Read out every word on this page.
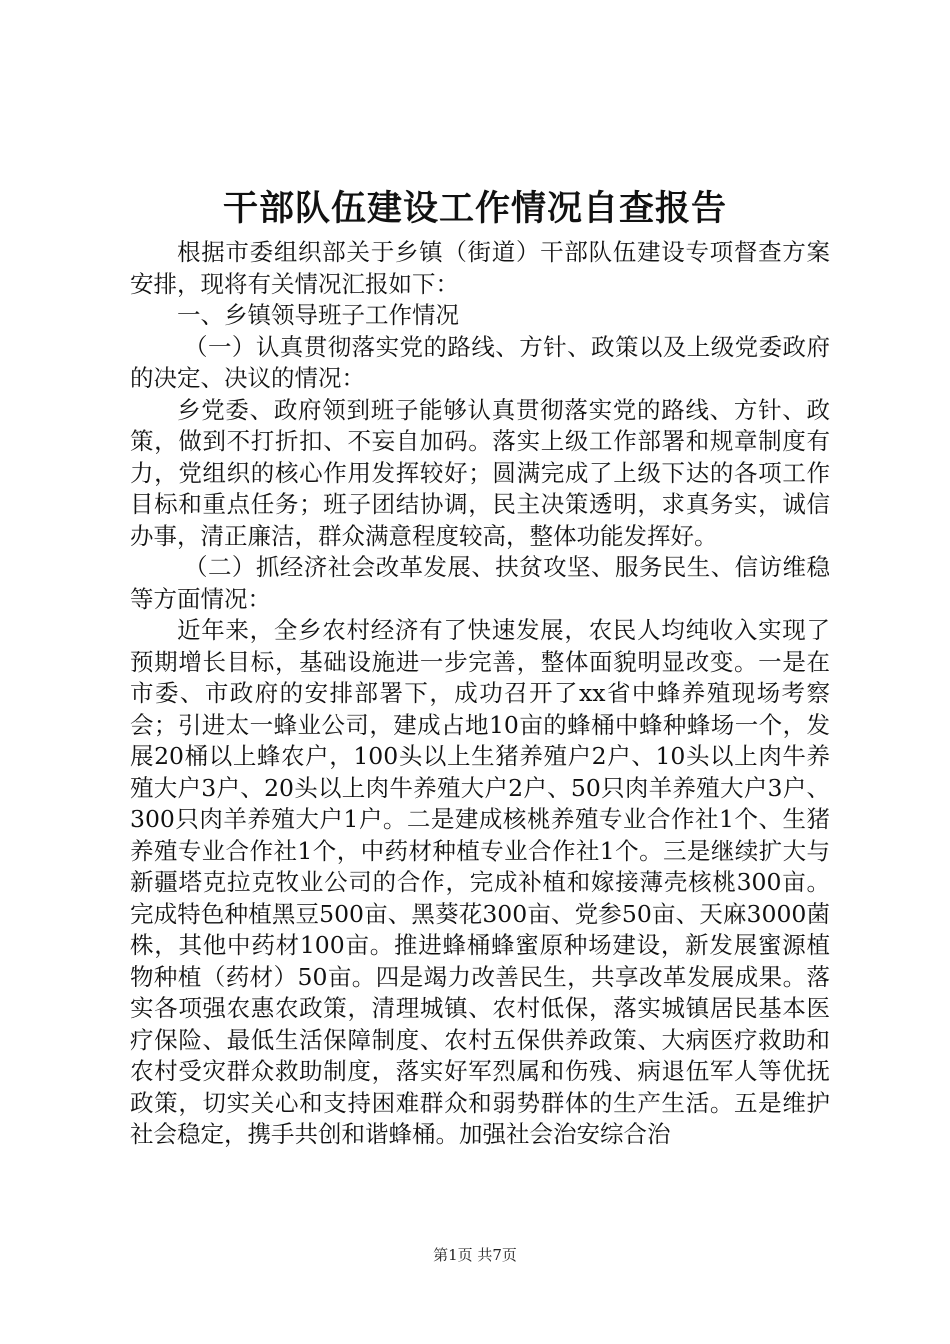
干部队伍建设工作情况自查报告

根据市委组织部关于乡镇（街道）干部队伍建设专项督查方案安排，现将有关情况汇报如下：

一、乡镇领导班子工作情况

（一）认真贯彻落实党的路线、方针、政策以及上级党委政府的决定、决议的情况：

乡党委、政府领到班子能够认真贯彻落实党的路线、方针、政策，做到不打折扣、不妄自加码。落实上级工作部署和规章制度有力，党组织的核心作用发挥较好；圆满完成了上级下达的各项工作目标和重点任务；班子团结协调，民主决策透明，求真务实，诚信办事，清正廉洁，群众满意程度较高，整体功能发挥好。

（二）抓经济社会改革发展、扶贫攻坚、服务民生、信访维稳等方面情况：

近年来，全乡农村经济有了快速发展，农民人均纯收入实现了预期增长目标，基础设施进一步完善，整体面貌明显改变。一是在市委、市政府的安排部署下，成功召开了xx省中蜂养殖现场考察会；引进太一蜂业公司，建成占地10亩的蜂桶中蜂种蜂场一个，发展20桶以上蜂农户，100头以上生猪养殖户2户、10头以上肉牛养殖大户3户、20头以上肉牛养殖大户2户、50只肉羊养殖大户3户、300只肉羊养殖大户1户。二是建成核桃养殖专业合作社1个、生猪养殖专业合作社1个，中药材种植专业合作社1个。三是继续扩大与新疆塔克拉克牧业公司的合作，完成补植和嫁接薄壳核桃300亩。完成特色种植黑豆500亩、黑葵花300亩、党参50亩、天麻3000菌株，其他中药材100亩。推进蜂桶蜂蜜原种场建设，新发展蜜源植物种植（药材）50亩。四是竭力改善民生，共享改革发展成果。落实各项强农惠农政策，清理城镇、农村低保，落实城镇居民基本医疗保险、最低生活保障制度、农村五保供养政策、大病医疗救助和农村受灾群众救助制度，落实好军烈属和伤残、病退伍军人等优抚政策，切实关心和支持困难群众和弱势群体的生产生活。五是维护社会稳定，携手共创和谐蜂桶。加强社会治安综合治

第1页 共7页
